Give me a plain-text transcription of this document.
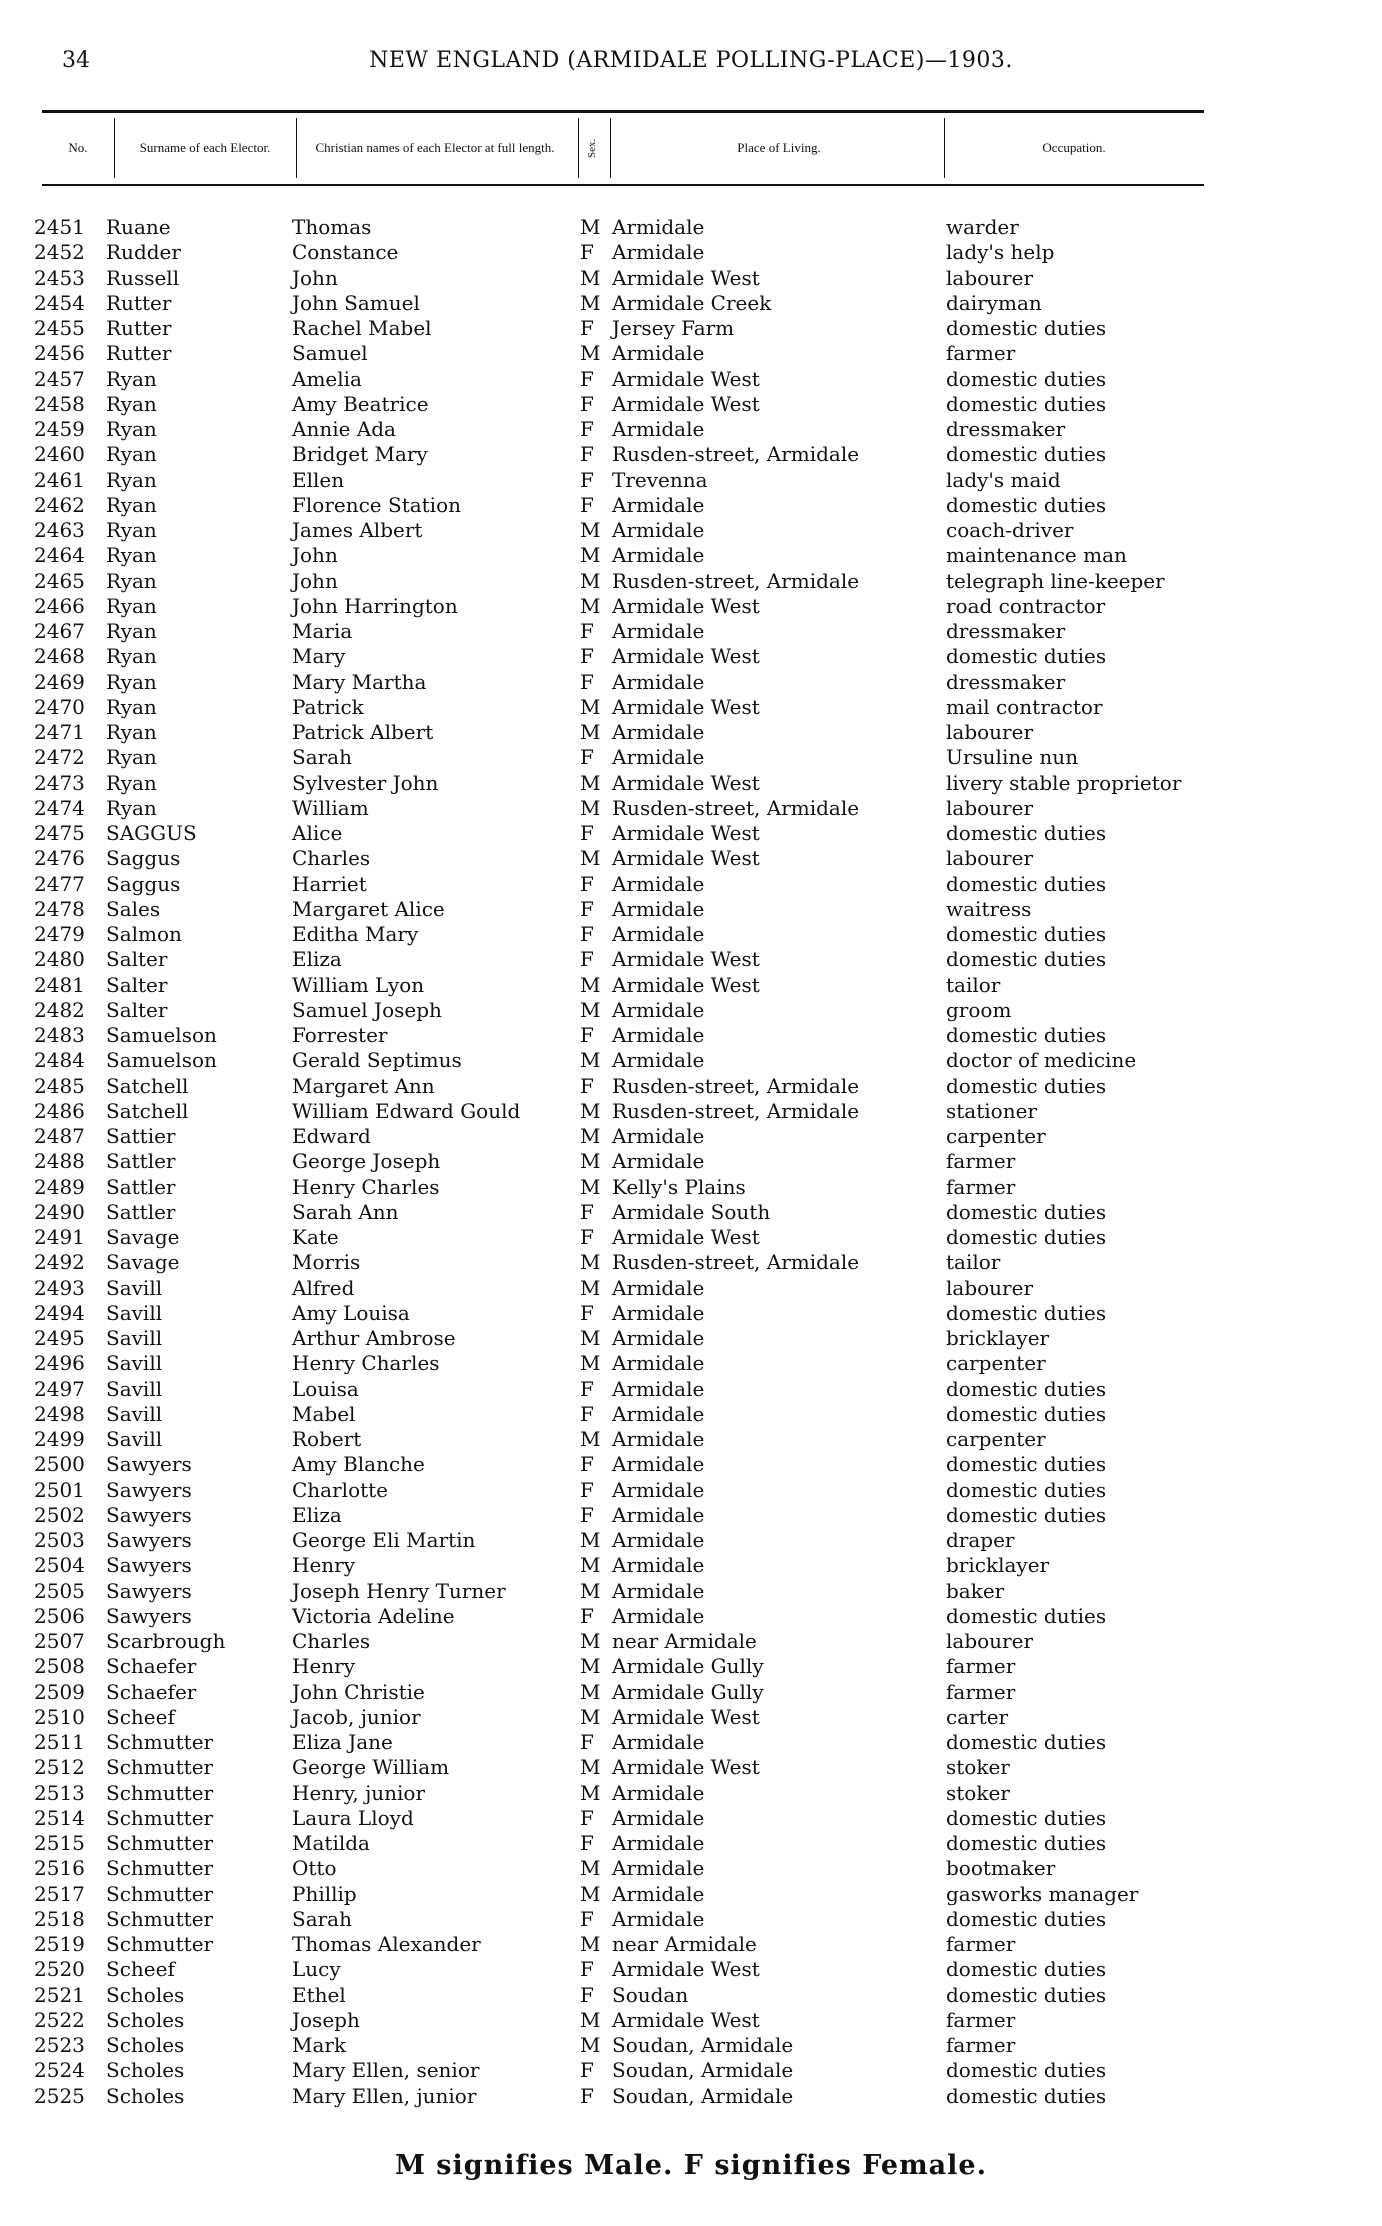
34	NEW ENGLAND (ARMIDALE POLLING-PLACE)—1903.
No.	Surname of each Elector.	Christian names of each Elector at full length.	Sex.	Place of Living.	Occupation.
2451 Ruane	Thomas	M Armidale	warder
2452 Rudder	Constance	F Armidale	lady's help
2453 Russell	John	M Armidale West	labourer
2454 Rutter	John Samuel	M Armidale Creek	dairyman
2455 Rutter	Rachel Mabel	F Jersey Farm	domestic duties
2456 Rutter	Samuel	M Armidale	farmer
2457 Ryan	Amelia	F Armidale West	domestic duties
2458 Ryan	Amy Beatrice	F Armidale West	domestic duties
2459 Ryan	Annie Ada	F Armidale	dressmaker
2460 Ryan	Bridget Mary	F Rusden-street, Armidale	domestic duties
2461 Ryan	Ellen	F Trevenna	lady's maid
2462 Ryan	Florence Station	F Armidale	domestic duties
2463 Ryan	James Albert	M Armidale	coach-driver
2464 Ryan	John	M Armidale	maintenance man
2465 Ryan	John	M Rusden-street, Armidale	telegraph line-keeper
2466 Ryan	John Harrington	M Armidale West	road contractor
2467 Ryan	Maria	F Armidale	dressmaker
2468 Ryan	Mary	F Armidale West	domestic duties
2469 Ryan	Mary Martha	F Armidale	dressmaker
2470 Ryan	Patrick	M Armidale West	mail contractor
2471 Ryan	Patrick Albert	M Armidale	labourer
2472 Ryan	Sarah	F Armidale	Ursuline nun
2473 Ryan	Sylvester John	M Armidale West	livery stable proprietor
2474 Ryan	William	M Rusden-street, Armidale	labourer
2475 SAGGUS	Alice	F Armidale West	domestic duties
2476 Saggus	Charles	M Armidale West	labourer
2477 Saggus	Harriet	F Armidale	domestic duties
2478 Sales	Margaret Alice	F Armidale	waitress
2479 Salmon	Editha Mary	F Armidale	domestic duties
2480 Salter	Eliza	F Armidale West	domestic duties
2481 Salter	William Lyon	M Armidale West	tailor
2482 Salter	Samuel Joseph	M Armidale	groom
2483 Samuelson	Forrester	F Armidale	domestic duties
2484 Samuelson	Gerald Septimus	M Armidale	doctor of medicine
2485 Satchell	Margaret Ann	F Rusden-street, Armidale	domestic duties
2486 Satchell	William Edward Gould	M Rusden-street, Armidale	stationer
2487 Sattier	Edward	M Armidale	carpenter
2488 Sattler	George Joseph	M Armidale	farmer
2489 Sattler	Henry Charles	M Kelly's Plains	farmer
2490 Sattler	Sarah Ann	F Armidale South	domestic duties
2491 Savage	Kate	F Armidale West	domestic duties
2492 Savage	Morris	M Rusden-street, Armidale	tailor
2493 Savill	Alfred	M Armidale	labourer
2494 Savill	Amy Louisa	F Armidale	domestic duties
2495 Savill	Arthur Ambrose	M Armidale	bricklayer
2496 Savill	Henry Charles	M Armidale	carpenter
2497 Savill	Louisa	F Armidale	domestic duties
2498 Savill	Mabel	F Armidale	domestic duties
2499 Savill	Robert	M Armidale	carpenter
2500 Sawyers	Amy Blanche	F Armidale	domestic duties
2501 Sawyers	Charlotte	F Armidale	domestic duties
2502 Sawyers	Eliza	F Armidale	domestic duties
2503 Sawyers	George Eli Martin	M Armidale	draper
2504 Sawyers	Henry	M Armidale	bricklayer
2505 Sawyers	Joseph Henry Turner	M Armidale	baker
2506 Sawyers	Victoria Adeline	F Armidale	domestic duties
2507 Scarbrough	Charles	M near Armidale	labourer
2508 Schaefer	Henry	M Armidale Gully	farmer
2509 Schaefer	John Christie	M Armidale Gully	farmer
2510 Scheef	Jacob, junior	M Armidale West	carter
2511 Schmutter	Eliza Jane	F Armidale	domestic duties
2512 Schmutter	George William	M Armidale West	stoker
2513 Schmutter	Henry, junior	M Armidale	stoker
2514 Schmutter	Laura Lloyd	F Armidale	domestic duties
2515 Schmutter	Matilda	F Armidale	domestic duties
2516 Schmutter	Otto	M Armidale	bootmaker
2517 Schmutter	Phillip	M Armidale	gasworks manager
2518 Schmutter	Sarah	F Armidale	domestic duties
2519 Schmutter	Thomas Alexander	M near Armidale	farmer
2520 Scheef	Lucy	F Armidale West	domestic duties
2521 Scholes	Ethel	F Soudan	domestic duties
2522 Scholes	Joseph	M Armidale West	farmer
2523 Scholes	Mark	M Soudan, Armidale	farmer
2524 Scholes	Mary Ellen, senior	F Soudan, Armidale	domestic duties
2525 Scholes	Mary Ellen, junior	F Soudan, Armidale	domestic duties
M signifies Male. F signifies Female.
